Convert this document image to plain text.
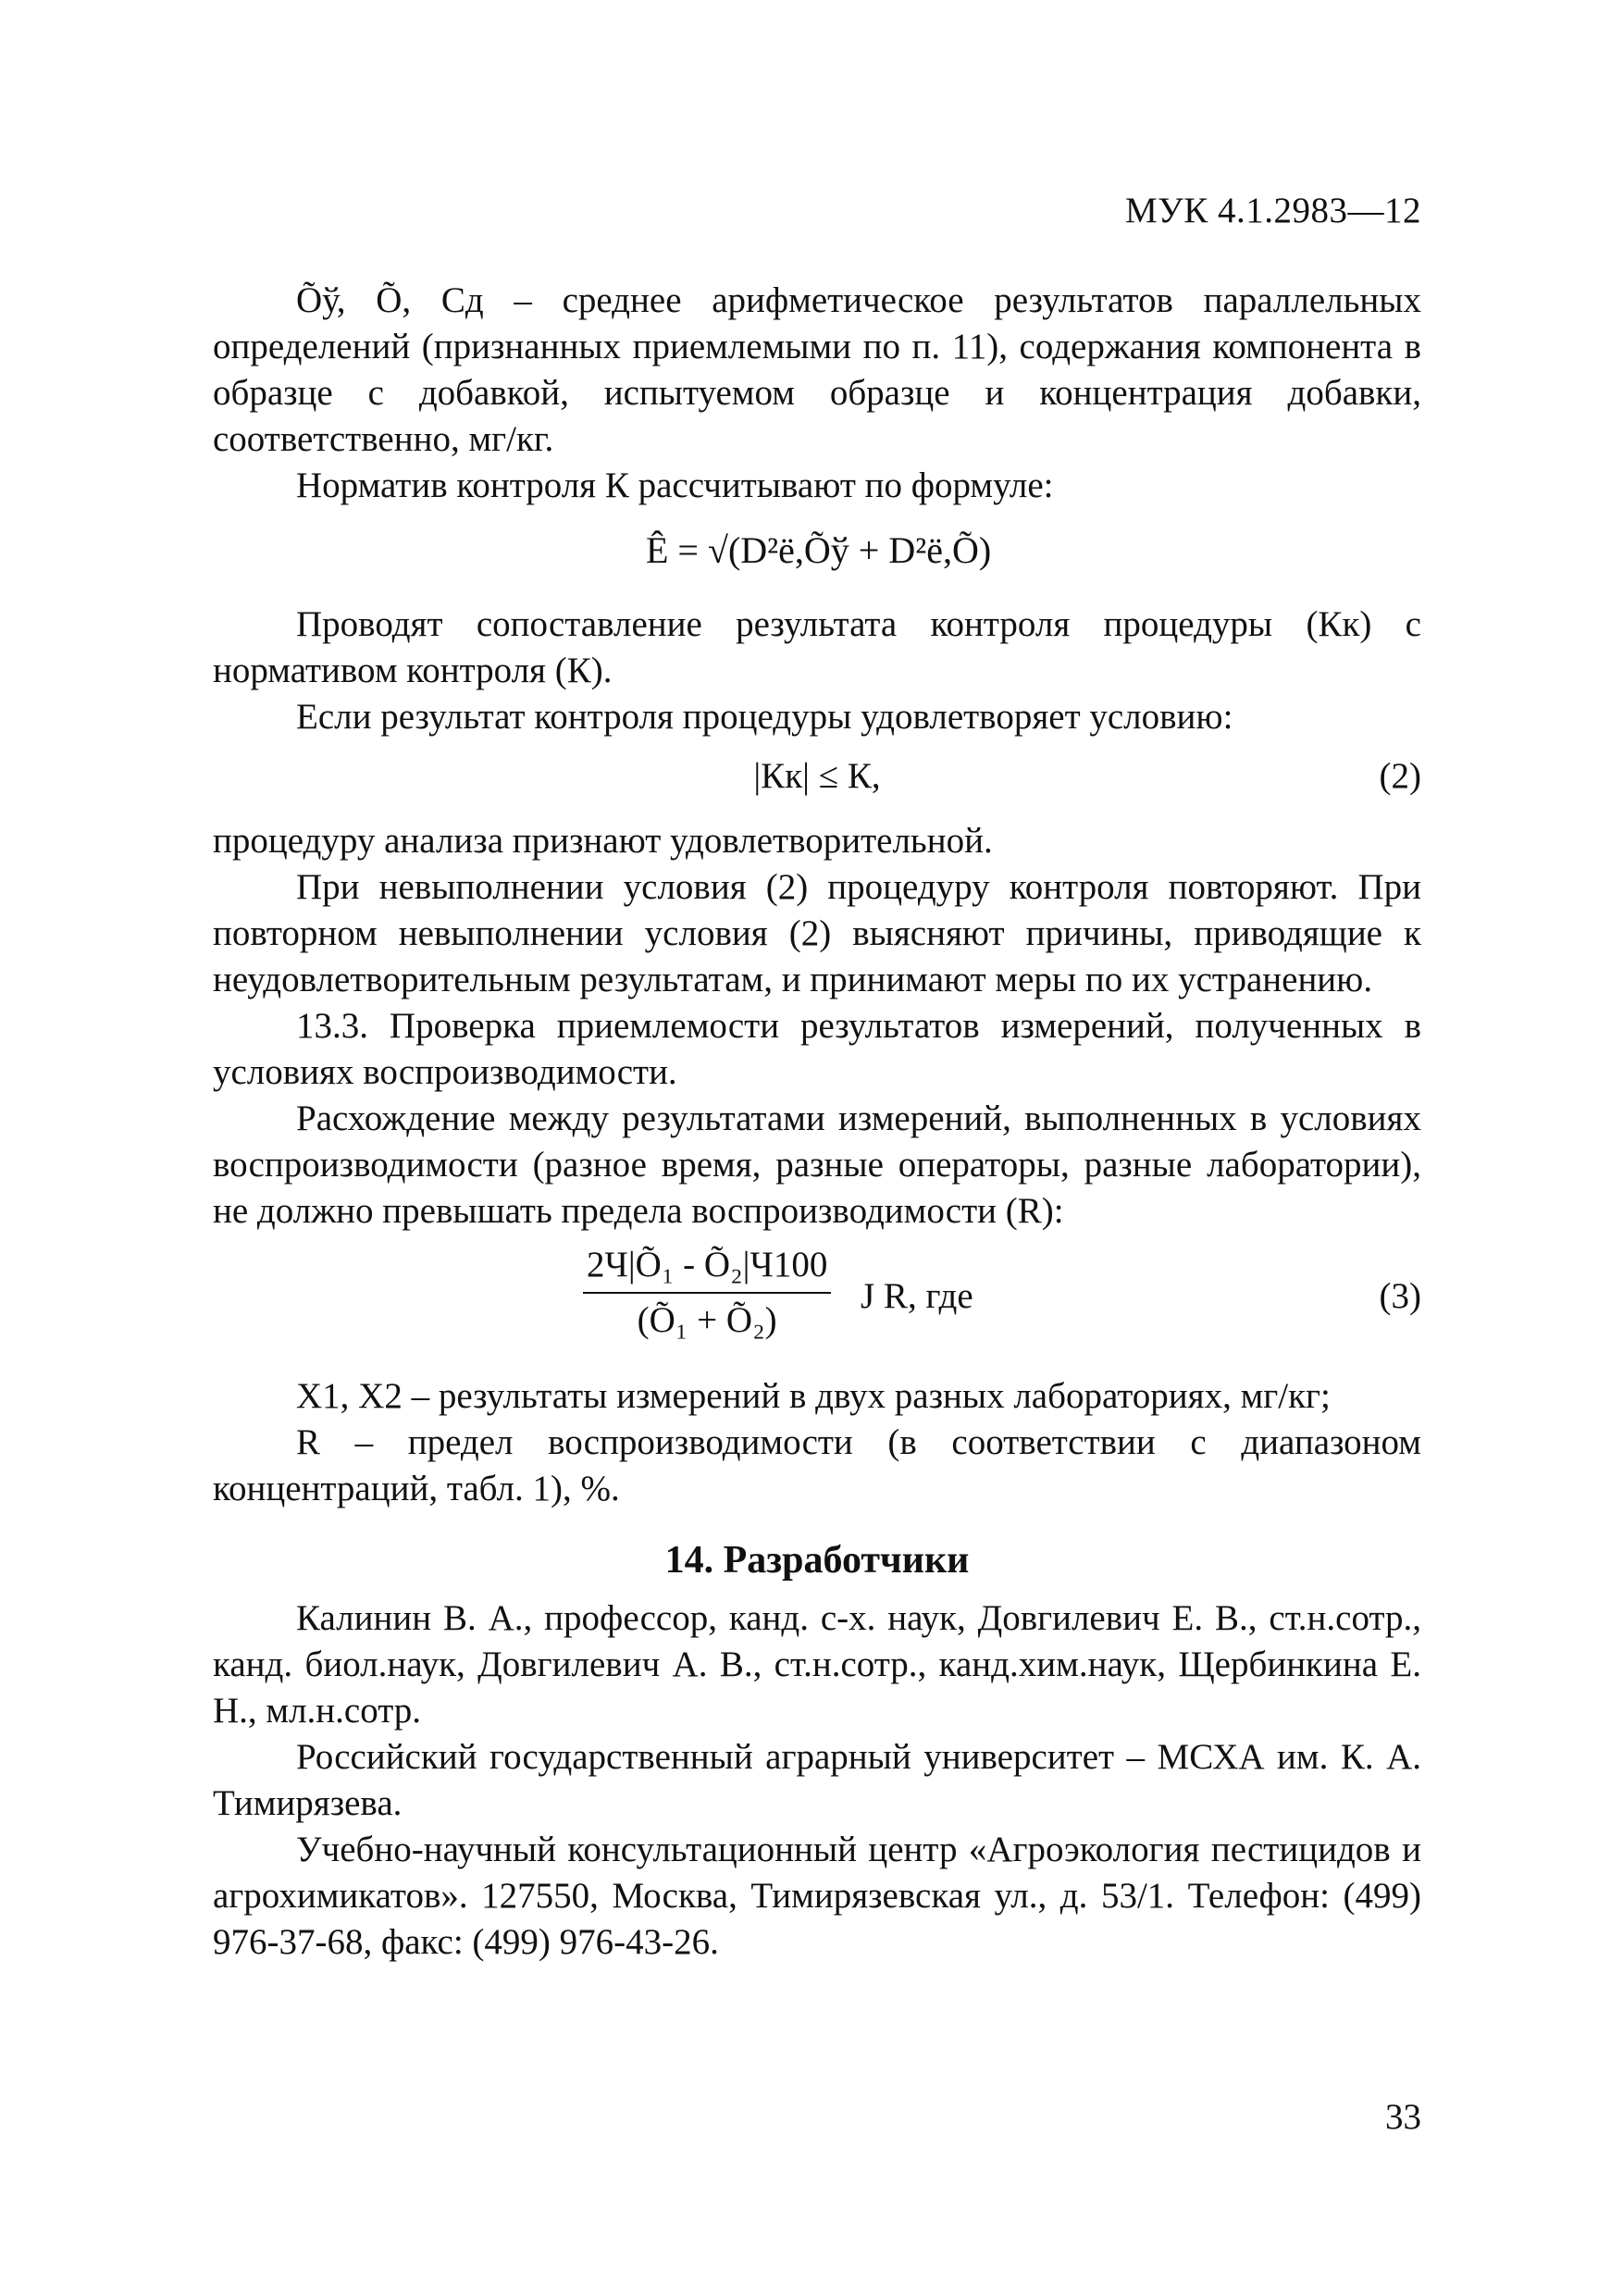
МУК 4.1.2983—12

Õў, Õ, Сд – среднее арифметическое результатов параллельных определений (признанных приемлемыми по п. 11), содержания компонента в образце с добавкой, испытуемом образце и концентрация добавки, соответственно, мг/кг.

Норматив контроля К рассчитывают по формуле:

Ê = √(D²ё,Õў + D²ё,Õ)

Проводят сопоставление результата контроля процедуры (Кк) с нормативом контроля (К).

Если результат контроля процедуры удовлетворяет условию:

|Кк| ≤ К,	(2)

процедуру анализа признают удовлетворительной.

При невыполнении условия (2) процедуру контроля повторяют. При повторном невыполнении условия (2) выясняют причины, приводящие к неудовлетворительным результатам, и принимают меры по их устранению.

13.3. Проверка приемлемости результатов измерений, полученных в условиях воспроизводимости.

Расхождение между результатами измерений, выполненных в условиях воспроизводимости (разное время, разные операторы, разные лаборатории), не должно превышать предела воспроизводимости (R):

2Ч|Õ₁ - Õ₂|Ч100
(Õ₁ + Õ₂)
J R, где	(3)

X1, X2 – результаты измерений в двух разных лабораториях, мг/кг;

R – предел воспроизводимости (в соответствии с диапазоном концентраций, табл. 1), %.

14. Разработчики

Калинин В. А., профессор, канд. с-х. наук, Довгилевич Е. В., ст.н.сотр., канд. биол.наук, Довгилевич А. В., ст.н.сотр., канд.хим.наук, Щербинкина Е. Н., мл.н.сотр.

Российский государственный аграрный университет – МСХА им. К. А. Тимирязева.

Учебно-научный консультационный центр «Агроэкология пестицидов и агрохимикатов». 127550, Москва, Тимирязевская ул., д. 53/1. Телефон: (499) 976-37-68, факс: (499) 976-43-26.

33
